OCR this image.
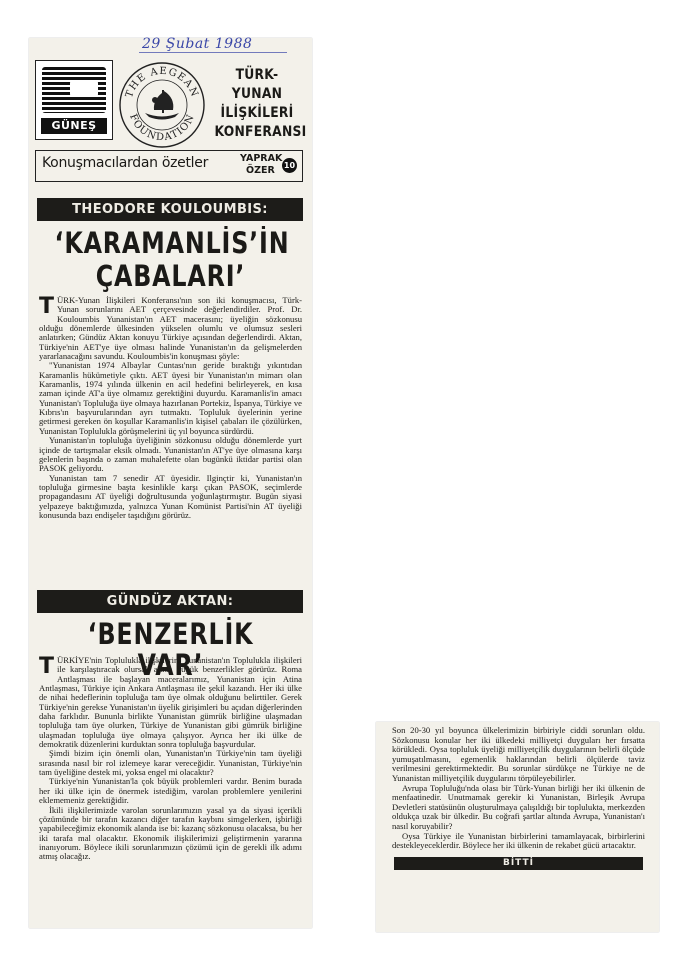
29 Şubat 1988
GÜNEŞ
THE AEGEAN
FOUNDATION
TÜRK-YUNAN
İLİŞKİLERİ
KONFERANSI
Konuşmacılardan özetler	YAPRAK
ÖZER	10
THEODORE KOULOUMBIS:
‘KARAMANLİS’İN
ÇABALARI’

TÜRK-Yunan İlişkileri Konferansı'nın son iki konuşmacısı, Türk- Yunan sorunlarını AET çerçevesinde değerlendirdiler. Prof. Dr. Kouloumbis Yunanistan'ın AET macerasını; üyeliğin sözkonusu olduğu dönemlerde ülkesinden yükselen olumlu ve olumsuz sesleri anlatırken; Gündüz Aktan konuyu Türkiye açısından değerlendirdi. Aktan, Türkiye'nin AET'ye üye olması halinde Yunanistan'ın da gelişmelerden yararlanacağını savundu. Kouloumbis'in konuşması şöyle:

"Yunanistan 1974 Albaylar Cuntası'nın geride bıraktığı yıkıntıdan Karamanlis hükümetiyle çıktı. AET üyesi bir Yunanistan'ın mimarı olan Karamanlis, 1974 yılında ülkenin en acil hedefini belirleyerek, en kısa zaman içinde AT'a üye olmamız gerektiğini duyurdu. Karamanlis'in amacı Yunanistan'ı Topluluğa üye olmaya hazırlanan Portekiz, İspanya, Türkiye ve Kıbrıs'ın başvurularından ayrı tutmaktı. Topluluk üyelerinin yerine getirmesi gereken ön koşullar Karamanlis'in kişisel çabaları ile çözülürken, Yunanistan Toplulukla görüşmelerini üç yıl boyunca sürdürdü.

Yunanistan'ın topluluğa üyeliğinin sözkonusu olduğu dönemlerde yurt içinde de tartışmalar eksik olmadı. Yunanistan'ın AT'ye üye olmasına karşı gelenlerin başında o zaman muhalefette olan bugünkü iktidar partisi olan PASOK geliyordu.

Yunanistan tam 7 senedir AT üyesidir. Ilginçtir ki, Yunanistan'ın topluluğa girmesine başta kesinlikle karşı çıkan PASOK, seçimlerde propagandasını AT üyeliği doğrultusunda yoğunlaştırmıştır. Bugün siyasi yelpazeye baktığımızda, yalnızca Yunan Komünist Partisi'nin AT üyeliği konusunda bazı endişeler taşıdığını görürüz.

GÜNDÜZ AKTAN:
‘BENZERLİK VAR’

TÜRKİYE'nin Toplulukla ilişkilerini Yunanistan'ın Toplulukla ilişkileri ile karşılaştıracak olursak arada büyük benzerlikler görürüz. Roma Antlaşması ile başlayan maceralarımız, Yunanistan için Atina Antlaşması, Türkiye için Ankara Antlaşması ile şekil kazandı. Her iki ülke de nihai hedeflerinin topluluğa tam üye olmak olduğunu belirttiler. Gerek Türkiye'nin gerekse Yunanistan'ın üyelik girişimleri bu açıdan diğerlerinden daha farklıdır. Bununla birlikte Yunanistan gümrük birliğine ulaşmadan topluluğa tam üye olurken, Türkiye de Yunanistan gibi gümrük birliğine ulaşmadan topluluğa üye olmaya çalışıyor. Ayrıca her iki ülke de demokratik düzenlerini kurduktan sonra topluluğa başvurdular.

Şimdi bizim için önemli olan, Yunanistan'ın Türkiye'nin tam üyeliği sırasında nasıl bir rol izlemeye karar vereceğidir. Yunanistan, Türkiye'nin tam üyeliğine destek mi, yoksa engel mi olacaktır?

Türkiye'nin Yunanistan'la çok büyük problemleri vardır. Benim burada her iki ülke için de önermek istediğim, varolan problemlere yenilerini eklememeniz gerektiğidir.

İkili ilişkilerimizde varolan sorunlarımızın yasal ya da siyasi içerikli çözümünde bir tarafın kazancı diğer tarafın kaybını simgelerken, işbirliği yapabileceğimiz ekonomik alanda ise bi: kazanç sözkonusu olacaksa, bu her iki tarafa mal olacaktır. Ekonomik ilişkilerimizi geliştirmenin yararına inanıyorum. Böylece ikili sorunlarımızın çözümü için de gerekli ilk adımı atmış olacağız.

Son 20-30 yıl boyunca ülkelerimizin birbiriyle ciddi sorunları oldu. Sözkonusu konular her iki ülkedeki milliyetçi duyguları her fırsatta körükledi. Oysa topluluk üyeliği milliyetçilik duygularının belirli ölçüde yumuşatılmasını, egemenlik haklarından belirli ölçülerde taviz verilmesini gerektirmektedir. Bu sorunlar sürdükçe ne Türkiye ne de Yunanistan milliyetçilik duygularını törpüleyebilirler.

Avrupa Topluluğu'nda olası bir Türk-Yunan birliği her iki ülkenin de menfaatinedir. Unutmamak gerekir ki Yunanistan, Birleşik Avrupa Devletleri statüsünün oluşturulmaya çalışıldığı bir toplulukta, merkezden oldukça uzak bir ülkedir. Bu coğrafi şartlar altında Avrupa, Yunanistan'ı nasıl koruyabilir?

Oysa Türkiye ile Yunanistan birbirlerini tamamlayacak, birbirlerini destekleyeceklerdir. Böylece her iki ülkenin de rekabet gücü artacaktır.

BİTTİ
